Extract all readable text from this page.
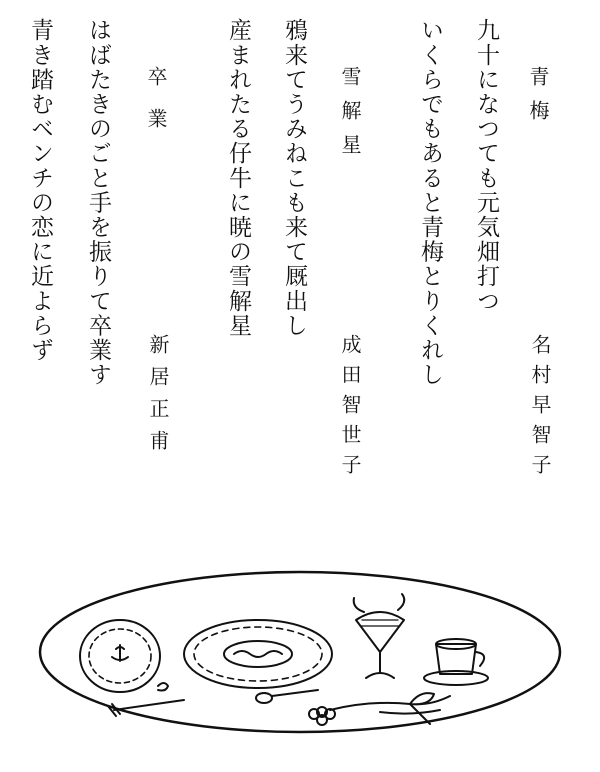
青梅
九十になつても元気畑打つ
いくらでもあると青梅とりくれし
名村早智子
雪解星
鴉来てうみねこも来て厩出し
産まれたる仔牛に暁の雪解星
成田智世子
卒業
はばたきのごと手を振りて卒業す
青き踏むベンチの恋に近よらず
新居正甫
